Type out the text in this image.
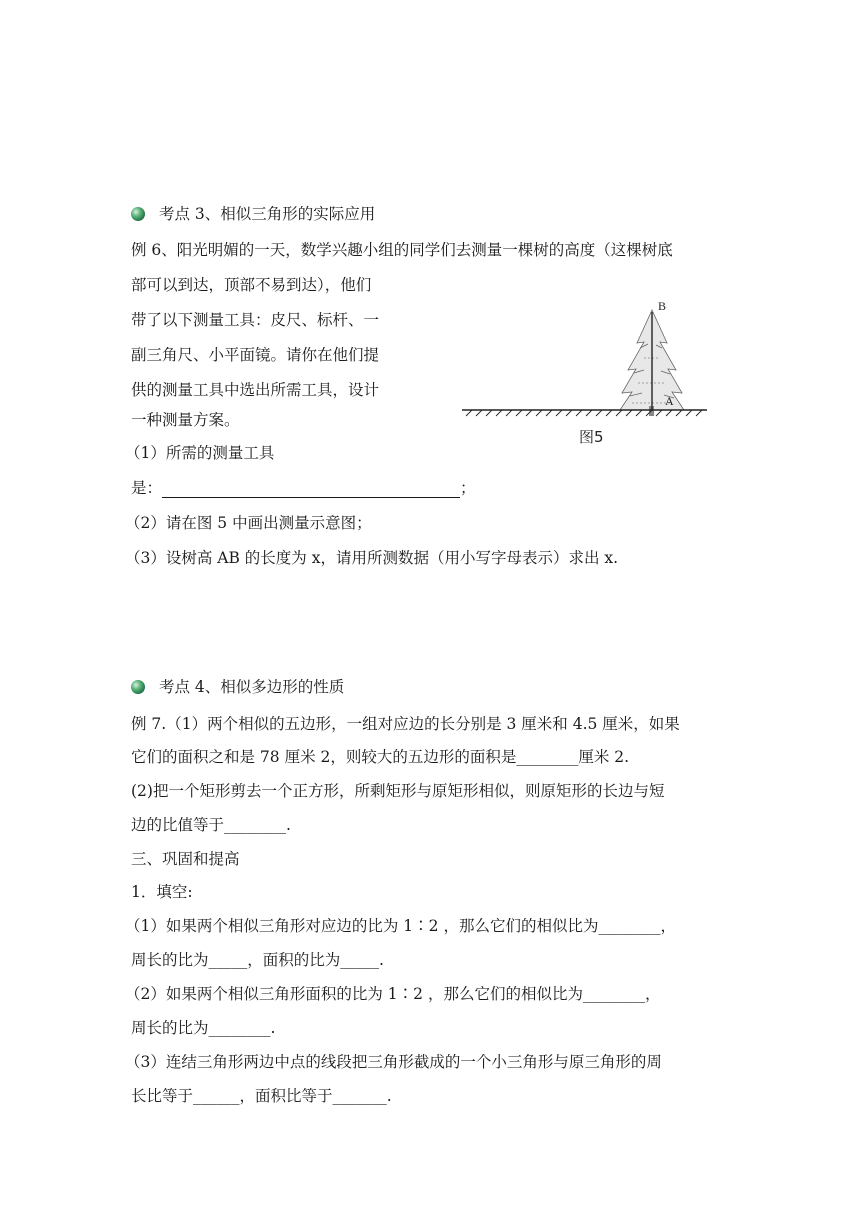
考点 3、相似三角形的实际应用
例 6、阳光明媚的一天，数学兴趣小组的同学们去测量一棵树的高度（这棵树底
部可以到达，顶部不易到达），他们
带了以下测量工具：皮尺、标杆、一
副三角尺、小平面镜。请你在他们提
供的测量工具中选出所需工具，设计
一种测量方案。
（1）所需的测量工具
是：	；
（2）请在图 5 中画出测量示意图；
（3）设树高 AB 的长度为 x，请用所测数据（用小写字母表示）求出 x.
B
A
图5
考点 4、相似多边形的性质
例 7.（1）两个相似的五边形，一组对应边的长分别是 3 厘米和 4.5 厘米，如果
它们的面积之和是 78 厘米 2，则较大的五边形的面积是________厘米 2.
(2)把一个矩形剪去一个正方形，所剩矩形与原矩形相似，则原矩形的长边与短
边的比值等于________.
三、巩固和提高
1．填空:
（1）如果两个相似三角形对应边的比为 1∶2 ，那么它们的相似比为________，
周长的比为_____，面积的比为_____.
（2）如果两个相似三角形面积的比为 1∶2 ，那么它们的相似比为________，
周长的比为________.
（3）连结三角形两边中点的线段把三角形截成的一个小三角形与原三角形的周
长比等于______，面积比等于_______.
